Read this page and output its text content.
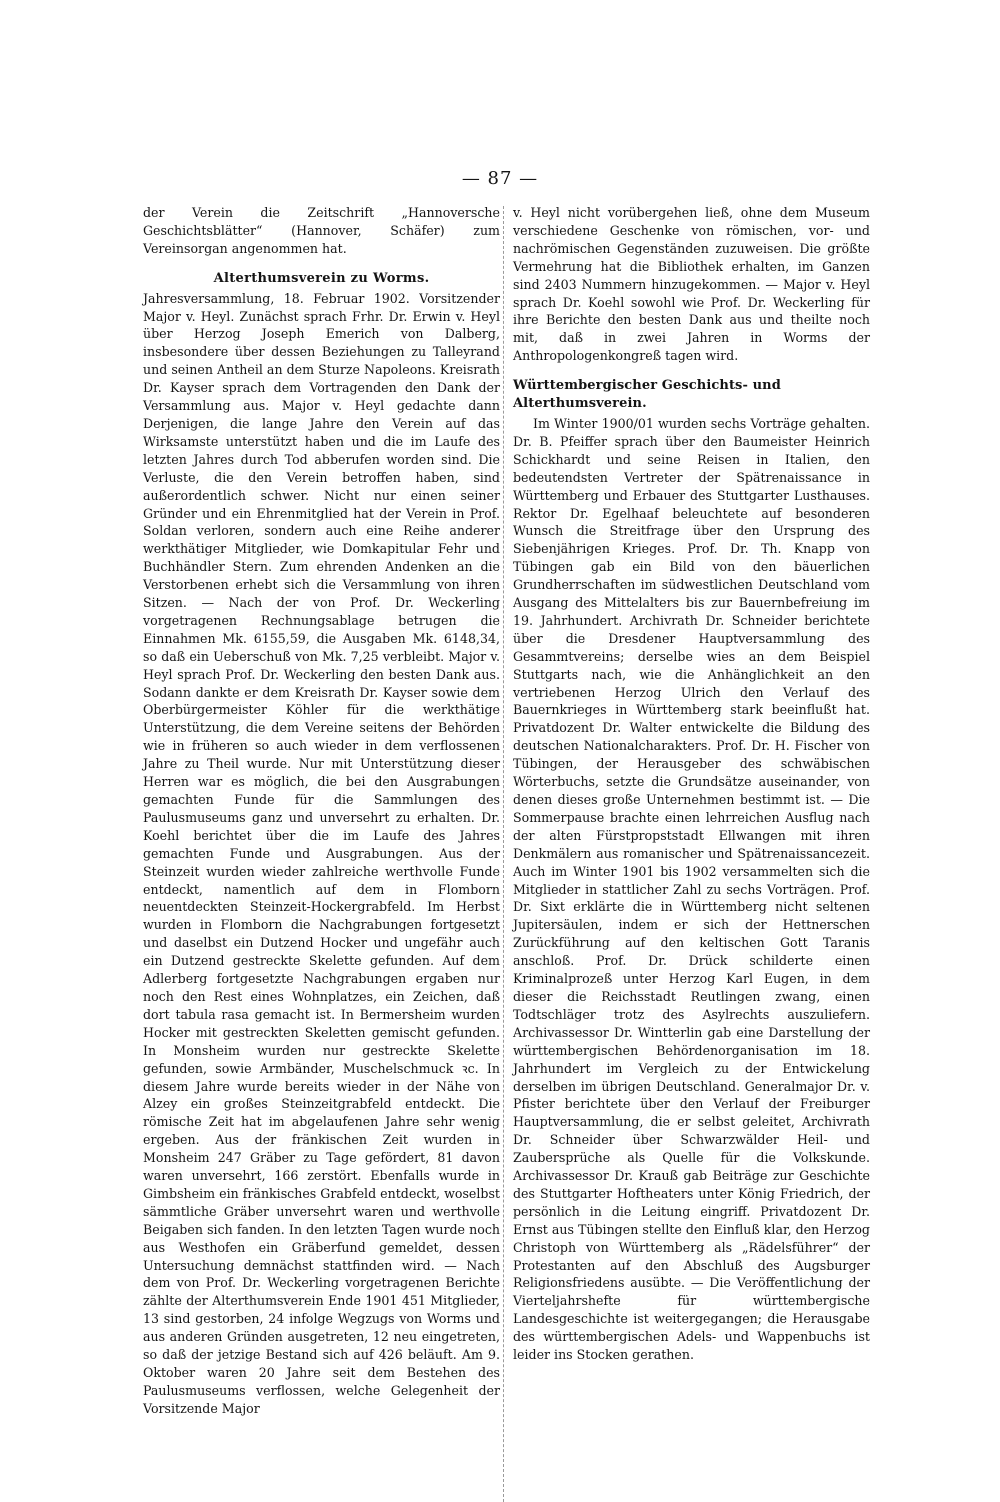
— 87 —

der Verein die Zeitschrift „Hannoversche Geschichtsblätter“ (Hannover, Schäfer) zum Vereinsorgan angenommen hat.

Alterthumsverein zu Worms.

Jahresversammlung, 18. Februar 1902. Vorsitzender Major v. Heyl. Zunächst sprach Frhr. Dr. Erwin v. Heyl über Herzog Joseph Emerich von Dalberg, insbesondere über dessen Beziehungen zu Talleyrand und seinen Antheil an dem Sturze Napoleons. Kreisrath Dr. Kayser sprach dem Vortragenden den Dank der Versammlung aus. Major v. Heyl gedachte dann Derjenigen, die lange Jahre den Verein auf das Wirksamste unterstützt haben und die im Laufe des letzten Jahres durch Tod abberufen worden sind. Die Verluste, die den Verein betroffen haben, sind außerordentlich schwer. Nicht nur einen seiner Gründer und ein Ehrenmitglied hat der Verein in Prof. Soldan verloren, sondern auch eine Reihe anderer werkthätiger Mitglieder, wie Domkapitular Fehr und Buchhändler Stern. Zum ehrenden Andenken an die Verstorbenen erhebt sich die Versammlung von ihren Sitzen. — Nach der von Prof. Dr. Weckerling vorgetragenen Rechnungsablage betrugen die Einnahmen Mk. 6155,59, die Ausgaben Mk. 6148,34, so daß ein Ueberschuß von Mk. 7,25 verbleibt. Major v. Heyl sprach Prof. Dr. Weckerling den besten Dank aus. Sodann dankte er dem Kreisrath Dr. Kayser sowie dem Oberbürgermeister Köhler für die werkthätige Unterstützung, die dem Vereine seitens der Behörden wie in früheren so auch wieder in dem verflossenen Jahre zu Theil wurde. Nur mit Unterstützung dieser Herren war es möglich, die bei den Ausgrabungen gemachten Funde für die Sammlungen des Paulusmuseums ganz und unversehrt zu erhalten. Dr. Koehl berichtet über die im Laufe des Jahres gemachten Funde und Ausgrabungen. Aus der Steinzeit wurden wieder zahlreiche werthvolle Funde entdeckt, namentlich auf dem in Flomborn neuentdeckten Steinzeit-Hockergrabfeld. Im Herbst wurden in Flomborn die Nachgrabungen fortgesetzt und daselbst ein Dutzend Hocker und ungefähr auch ein Dutzend gestreckte Skelette gefunden. Auf dem Adlerberg fortgesetzte Nachgrabungen ergaben nur noch den Rest eines Wohnplatzes, ein Zeichen, daß dort tabula rasa gemacht ist. In Bermersheim wurden Hocker mit gestreckten Skeletten gemischt gefunden. In Monsheim wurden nur gestreckte Skelette gefunden, sowie Armbänder, Muschelschmuck ꝛc. In diesem Jahre wurde bereits wieder in der Nähe von Alzey ein großes Steinzeitgrabfeld entdeckt. Die römische Zeit hat im abgelaufenen Jahre sehr wenig ergeben. Aus der fränkischen Zeit wurden in Monsheim 247 Gräber zu Tage gefördert, 81 davon waren unversehrt, 166 zerstört. Ebenfalls wurde in Gimbsheim ein fränkisches Grabfeld entdeckt, woselbst sämmtliche Gräber unversehrt waren und werthvolle Beigaben sich fanden. In den letzten Tagen wurde noch aus Westhofen ein Gräberfund gemeldet, dessen Untersuchung demnächst stattfinden wird. — Nach dem von Prof. Dr. Weckerling vorgetragenen Berichte zählte der Alterthumsverein Ende 1901 451 Mitglieder, 13 sind gestorben, 24 infolge Wegzugs von Worms und aus anderen Gründen ausgetreten, 12 neu eingetreten, so daß der jetzige Bestand sich auf 426 beläuft. Am 9. Oktober waren 20 Jahre seit dem Bestehen des Paulusmuseums verflossen, welche Gelegenheit der Vorsitzende Major

v. Heyl nicht vorübergehen ließ, ohne dem Museum verschiedene Geschenke von römischen, vor- und nachrömischen Gegenständen zuzuweisen. Die größte Vermehrung hat die Bibliothek erhalten, im Ganzen sind 2403 Nummern hinzugekommen. — Major v. Heyl sprach Dr. Koehl sowohl wie Prof. Dr. Weckerling für ihre Berichte den besten Dank aus und theilte noch mit, daß in zwei Jahren in Worms der Anthropologenkongreß tagen wird.

Württembergischer Geschichts- und Alterthumsverein.

Im Winter 1900/01 wurden sechs Vorträge gehalten. Dr. B. Pfeiffer sprach über den Baumeister Heinrich Schickhardt und seine Reisen in Italien, den bedeutendsten Vertreter der Spätrenaissance in Württemberg und Erbauer des Stuttgarter Lusthauses. Rektor Dr. Egelhaaf beleuchtete auf besonderen Wunsch die Streitfrage über den Ursprung des Siebenjährigen Krieges. Prof. Dr. Th. Knapp von Tübingen gab ein Bild von den bäuerlichen Grundherrschaften im südwestlichen Deutschland vom Ausgang des Mittelalters bis zur Bauernbefreiung im 19. Jahrhundert. Archivrath Dr. Schneider berichtete über die Dresdener Hauptversammlung des Gesammtvereins; derselbe wies an dem Beispiel Stuttgarts nach, wie die Anhänglichkeit an den vertriebenen Herzog Ulrich den Verlauf des Bauernkrieges in Württemberg stark beeinflußt hat. Privatdozent Dr. Walter entwickelte die Bildung des deutschen Nationalcharakters. Prof. Dr. H. Fischer von Tübingen, der Herausgeber des schwäbischen Wörterbuchs, setzte die Grundsätze auseinander, von denen dieses große Unternehmen bestimmt ist. — Die Sommerpause brachte einen lehrreichen Ausflug nach der alten Fürstpropststadt Ellwangen mit ihren Denkmälern aus romanischer und Spätrenaissancezeit. Auch im Winter 1901 bis 1902 versammelten sich die Mitglieder in stattlicher Zahl zu sechs Vorträgen. Prof. Dr. Sixt erklärte die in Württemberg nicht seltenen Jupitersäulen, indem er sich der Hettnerschen Zurückführung auf den keltischen Gott Taranis anschloß. Prof. Dr. Drück schilderte einen Kriminalprozeß unter Herzog Karl Eugen, in dem dieser die Reichsstadt Reutlingen zwang, einen Todtschläger trotz des Asylrechts auszuliefern. Archivassessor Dr. Wintterlin gab eine Darstellung der württembergischen Behördenorganisation im 18. Jahrhundert im Vergleich zu der Entwickelung derselben im übrigen Deutschland. Generalmajor Dr. v. Pfister berichtete über den Verlauf der Freiburger Hauptversammlung, die er selbst geleitet, Archivrath Dr. Schneider über Schwarzwälder Heil- und Zaubersprüche als Quelle für die Volkskunde. Archivassessor Dr. Krauß gab Beiträge zur Geschichte des Stuttgarter Hoftheaters unter König Friedrich, der persönlich in die Leitung eingriff. Privatdozent Dr. Ernst aus Tübingen stellte den Einfluß klar, den Herzog Christoph von Württemberg als „Rädelsführer“ der Protestanten auf den Abschluß des Augsburger Religionsfriedens ausübte. — Die Veröffentlichung der Vierteljahrshefte für württembergische Landesgeschichte ist weitergegangen; die Herausgabe des württembergischen Adels- und Wappenbuchs ist leider ins Stocken gerathen.
